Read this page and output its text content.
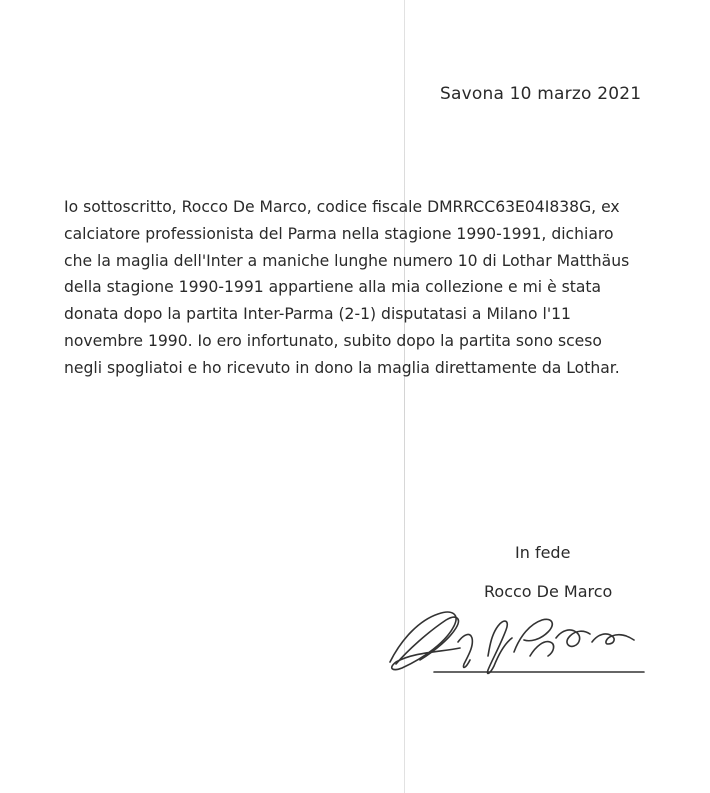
Savona 10 marzo 2021
Io sottoscritto, Rocco De Marco, codice fiscale DMRRCC63E04I838G, ex
calciatore professionista del Parma nella stagione 1990-1991, dichiaro
che la maglia dell'Inter a maniche lunghe numero 10 di Lothar Matthäus
della stagione 1990-1991 appartiene alla mia collezione e mi è stata
donata dopo la partita Inter-Parma (2-1) disputatasi a Milano l'11
novembre 1990. Io ero infortunato, subito dopo la partita sono sceso
negli spogliatoi e ho ricevuto in dono la maglia direttamente da Lothar.
In fede
Rocco De Marco
